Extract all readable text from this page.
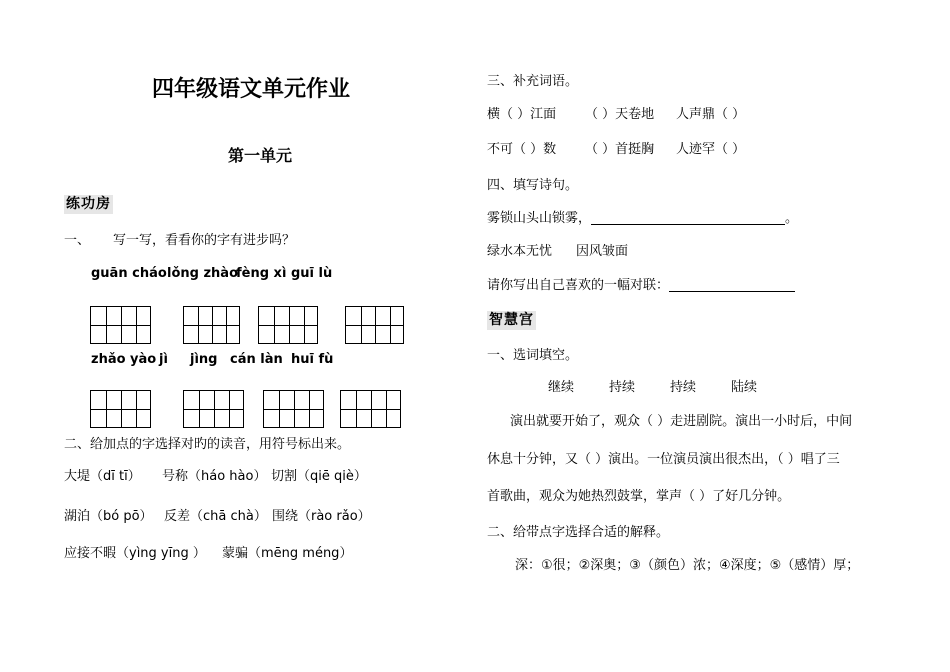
四年级语文单元作业
第一单元
练功房
一、 写一写，看看你的字有进步吗？
guān cháo lǒng zhào
fèng xì guī lù
zhǎo yào jì jìng cán làn huī fù
二、给加点的字选择对旳的读音，用符号标出来。
大堤（dī tī） 号称（háo hào） 切割（qiē qiè）
湖泊（bó pō） 反差（chā chà） 围绕（rào rǎo）
应接不暇（yìng yīng ） 蒙骗（mēng méng）
三、补充词语。
横（ ）江面 （ ）天卷地 人声鼎（ ）
不可（ ）数 （ ）首挺胸 人迹罕（ ）
四、填写诗句。
雾锁山头山锁雾，	。
绿水本无忧 因风皱面
请你写出自己喜欢的一幅对联：
智慧宫
一、选词填空。
继续	持续	持续	陆续
演出就要开始了，观众（ ）走进剧院。演出一小时后，中间
休息十分钟，又（ ）演出。一位演员演出很杰出，（ ）唱了三
首歌曲，观众为她热烈鼓掌，掌声（ ）了好几分钟。
二、给带点字选择合适的解释。
深：①很；②深奥；③（颜色）浓；④深度；⑤（感情）厚；
